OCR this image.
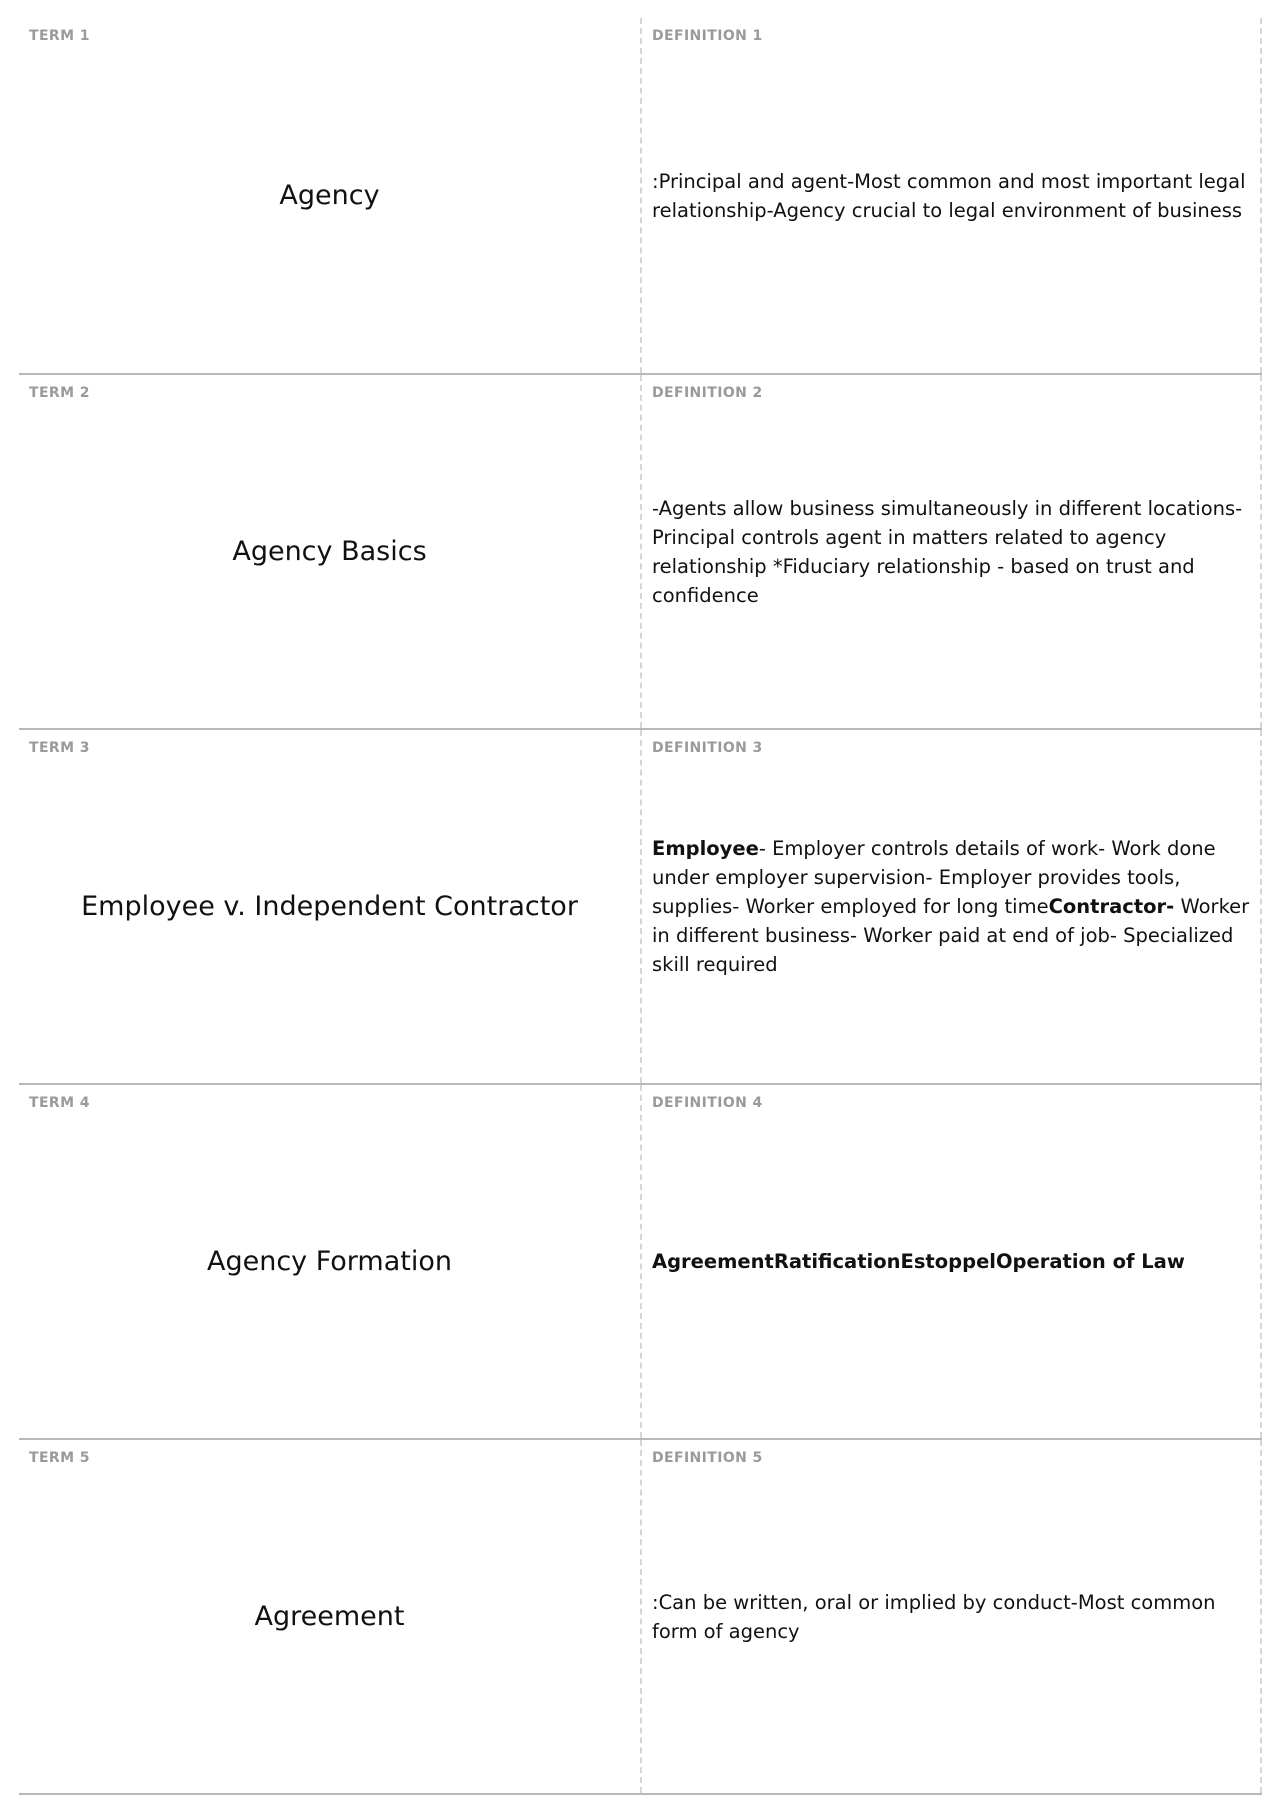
TERM 1
Agency
DEFINITION 1
:Principal and agent-Most common and most important legal relationship-Agency crucial to legal environment of business
TERM 2
Agency Basics
DEFINITION 2
-Agents allow business simultaneously in different locations-Principal controls agent in matters related to agency relationship *Fiduciary relationship - based on trust and confidence
TERM 3
Employee v. Independent Contractor
DEFINITION 3
Employee- Employer controls details of work- Work done under employer supervision- Employer provides tools, supplies- Worker employed for long timeContractor- Worker in different business- Worker paid at end of job- Specialized skill required
TERM 4
Agency Formation
DEFINITION 4
AgreementRatificationEstoppelOperation of Law
TERM 5
Agreement
DEFINITION 5
:Can be written, oral or implied by conduct-Most common form of agency
